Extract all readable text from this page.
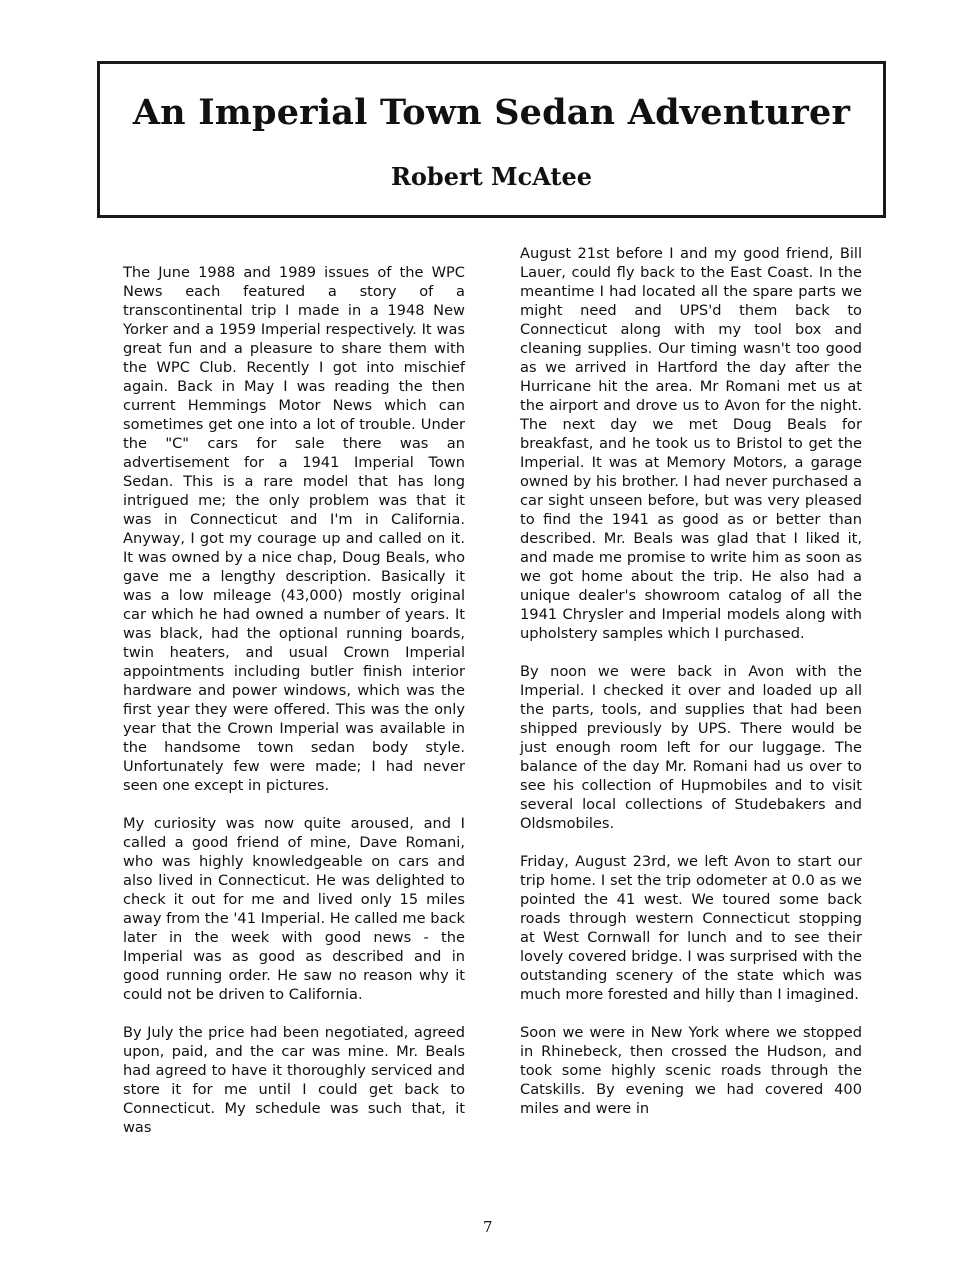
An Imperial Town Sedan Adventurer
Robert McAtee

The June 1988 and 1989 issues of the WPC News each featured a story of a transcontinental trip I made in a 1948 New Yorker and a 1959 Imperial respectively. It was great fun and a pleasure to share them with the WPC Club. Recently I got into mischief again. Back in May I was reading the then current Hemmings Motor News which can sometimes get one into a lot of trouble. Under the "C" cars for sale there was an advertisement for a 1941 Imperial Town Sedan. This is a rare model that has long intrigued me; the only problem was that it was in Connecticut and I'm in California. Anyway, I got my courage up and called on it. It was owned by a nice chap, Doug Beals, who gave me a lengthy description. Basically it was a low mileage (43,000) mostly original car which he had owned a number of years. It was black, had the optional running boards, twin heaters, and usual Crown Imperial appointments including butler finish interior hardware and power windows, which was the first year they were offered. This was the only year that the Crown Imperial was available in the handsome town sedan body style. Unfortunately few were made; I had never seen one except in pictures.

My curiosity was now quite aroused, and I called a good friend of mine, Dave Romani, who was highly knowledgeable on cars and also lived in Connecticut. He was delighted to check it out for me and lived only 15 miles away from the '41 Imperial. He called me back later in the week with good news - the Imperial was as good as described and in good running order. He saw no reason why it could not be driven to California.

By July the price had been negotiated, agreed upon, paid, and the car was mine. Mr. Beals had agreed to have it thoroughly serviced and store it for me until I could get back to Connecticut. My schedule was such that, it was

August 21st before I and my good friend, Bill Lauer, could fly back to the East Coast. In the meantime I had located all the spare parts we might need and UPS'd them back to Connecticut along with my tool box and cleaning supplies. Our timing wasn't too good as we arrived in Hartford the day after the Hurricane hit the area. Mr Romani met us at the airport and drove us to Avon for the night. The next day we met Doug Beals for breakfast, and he took us to Bristol to get the Imperial. It was at Memory Motors, a garage owned by his brother. I had never purchased a car sight unseen before, but was very pleased to find the 1941 as good as or better than described. Mr. Beals was glad that I liked it, and made me promise to write him as soon as we got home about the trip. He also had a unique dealer's showroom catalog of all the 1941 Chrysler and Imperial models along with upholstery samples which I purchased.

By noon we were back in Avon with the Imperial. I checked it over and loaded up all the parts, tools, and supplies that had been shipped previously by UPS. There would be just enough room left for our luggage. The balance of the day Mr. Romani had us over to see his collection of Hupmobiles and to visit several local collections of Studebakers and Oldsmobiles.

Friday, August 23rd, we left Avon to start our trip home. I set the trip odometer at 0.0 as we pointed the 41 west. We toured some back roads through western Connecticut stopping at West Cornwall for lunch and to see their lovely covered bridge. I was surprised with the outstanding scenery of the state which was much more forested and hilly than I imagined.

Soon we were in New York where we stopped in Rhinebeck, then crossed the Hudson, and took some highly scenic roads through the Catskills. By evening we had covered 400 miles and were in

7
